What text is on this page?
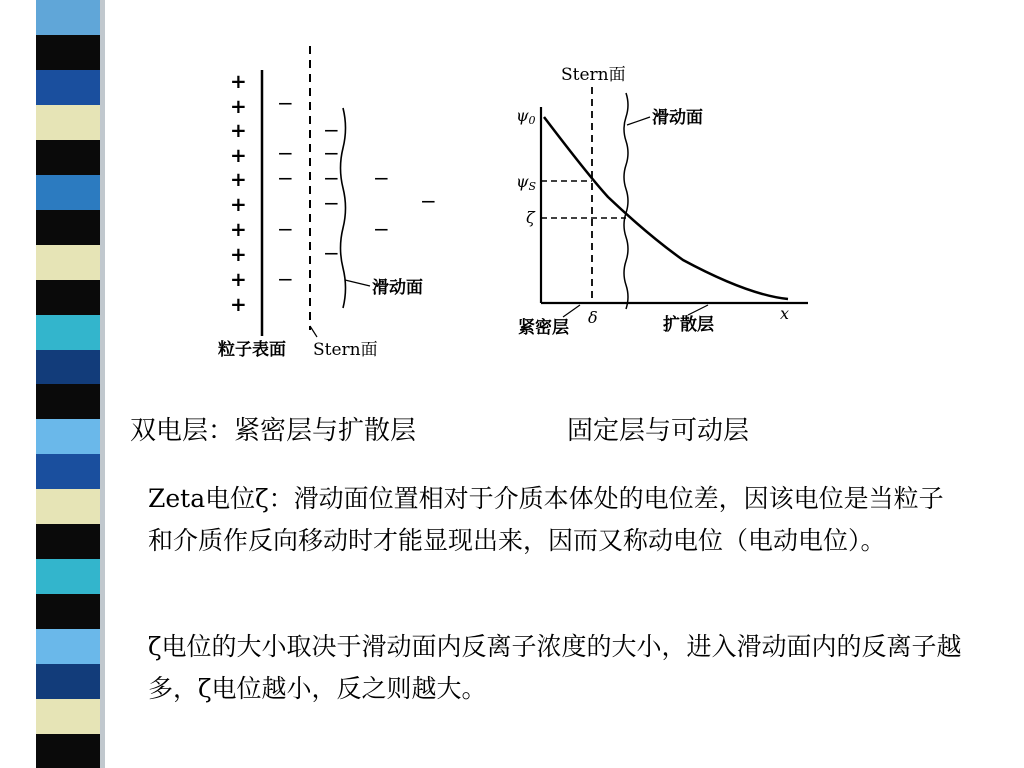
+
+
+
+
+
+
+
+
+
+
−
−
−
−
−
−
−
−
−
−
−
−
−
滑动面
粒子表面 Stern面
Stern面
滑动面
ψ0
ψS
ζ
紧密层
δ	扩散层
x
双电层：紧密层与扩散层	固定层与可动层
Zeta电位ζ：滑动面位置相对于介质本体处的电位差，因该电位是当粒子和介质作反向移动时才能显现出来，因而又称动电位（电动电位）。
ζ电位的大小取决于滑动面内反离子浓度的大小，进入滑动面内的反离子越多，ζ电位越小，反之则越大。
